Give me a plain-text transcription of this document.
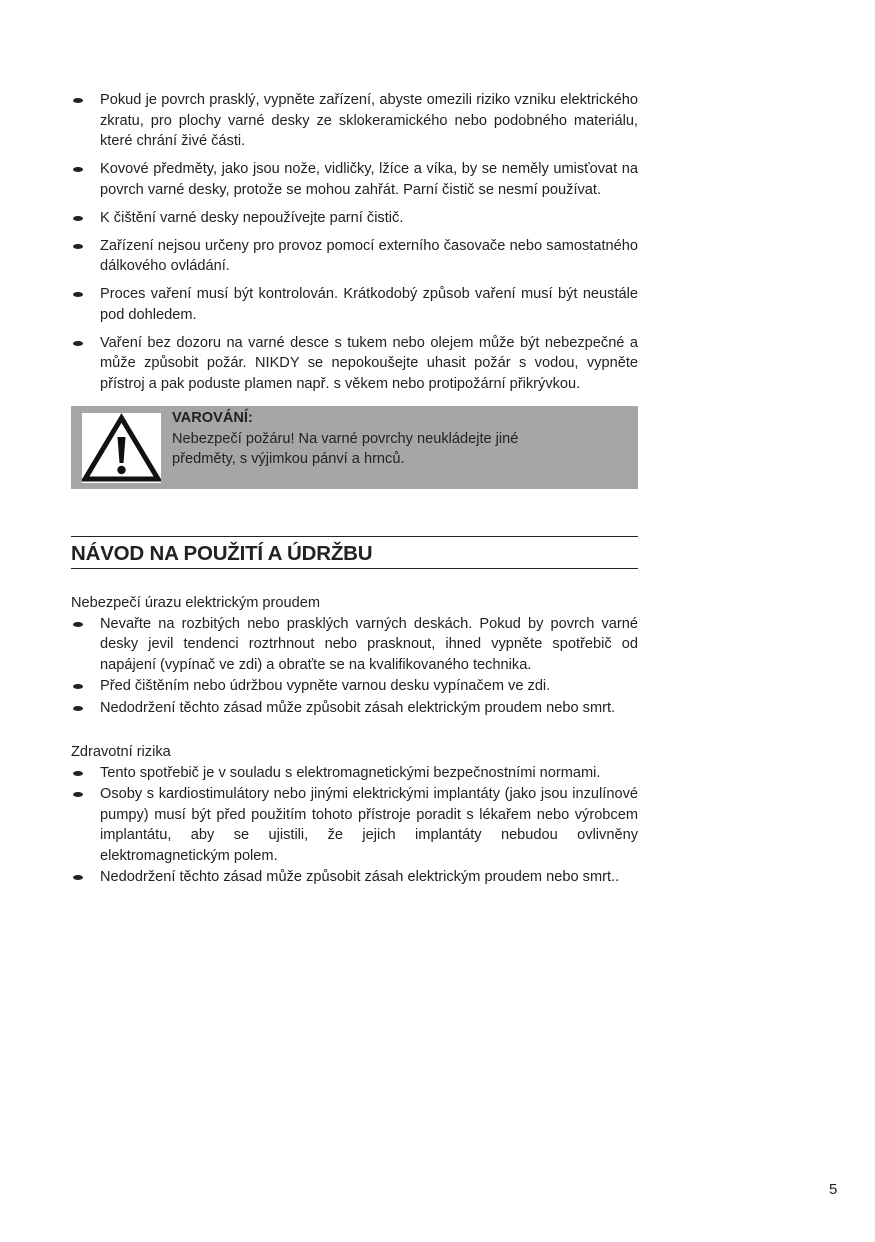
Pokud je povrch prasklý, vypněte zařízení, abyste omezili riziko vzniku elektrického zkratu, pro plochy varné desky ze sklokeramického nebo podobného materiálu, které chrání živé části.
Kovové předměty, jako jsou nože, vidličky, lžíce a víka, by se neměly umisťovat na povrch varné desky, protože se mohou zahřát. Parní čistič se nesmí používat.
K čištění varné desky nepoužívejte parní čistič.
Zařízení nejsou určeny pro provoz pomocí externího časovače nebo samostatného dálkového ovládání.
Proces vaření musí být kontrolován. Krátkodobý způsob vaření musí být neustále pod dohledem.
Vaření bez dozoru na varné desce s tukem nebo olejem může být nebezpečné a může způsobit požár. NIKDY se nepokoušejte uhasit požár s vodou, vypněte přístroj a pak poduste plamen např. s věkem nebo protipožární přikrývkou.
VAROVÁNÍ:
Nebezpečí požáru! Na varné povrchy neukládejte jiné
předměty, s výjimkou pánví a hrnců.
NÁVOD NA POUŽITÍ A ÚDRŽBU

Nebezpečí úrazu elektrickým proudem

Nevařte na rozbitých nebo prasklých varných deskách. Pokud by povrch varné desky jevil tendenci roztrhnout nebo prasknout, ihned vypněte spotřebič od napájení (vypínač ve zdi) a obraťte se na kvalifikovaného technika.
Před čištěním nebo údržbou vypněte varnou desku vypínačem ve zdi.
Nedodržení těchto zásad může způsobit zásah elektrickým proudem nebo smrt.

Zdravotní rizika

Tento spotřebič je v souladu s elektromagnetickými bezpečnostními normami.
Osoby s kardiostimulátory nebo jinými elektrickými implantáty (jako jsou inzulínové pumpy) musí být před použitím tohoto přístroje poradit s lékařem nebo výrobcem implantátu, aby se ujistili, že jejich implantáty nebudou ovlivněny elektromagnetickým polem.
Nedodržení těchto zásad může způsobit zásah elektrickým proudem nebo smrt..
5
